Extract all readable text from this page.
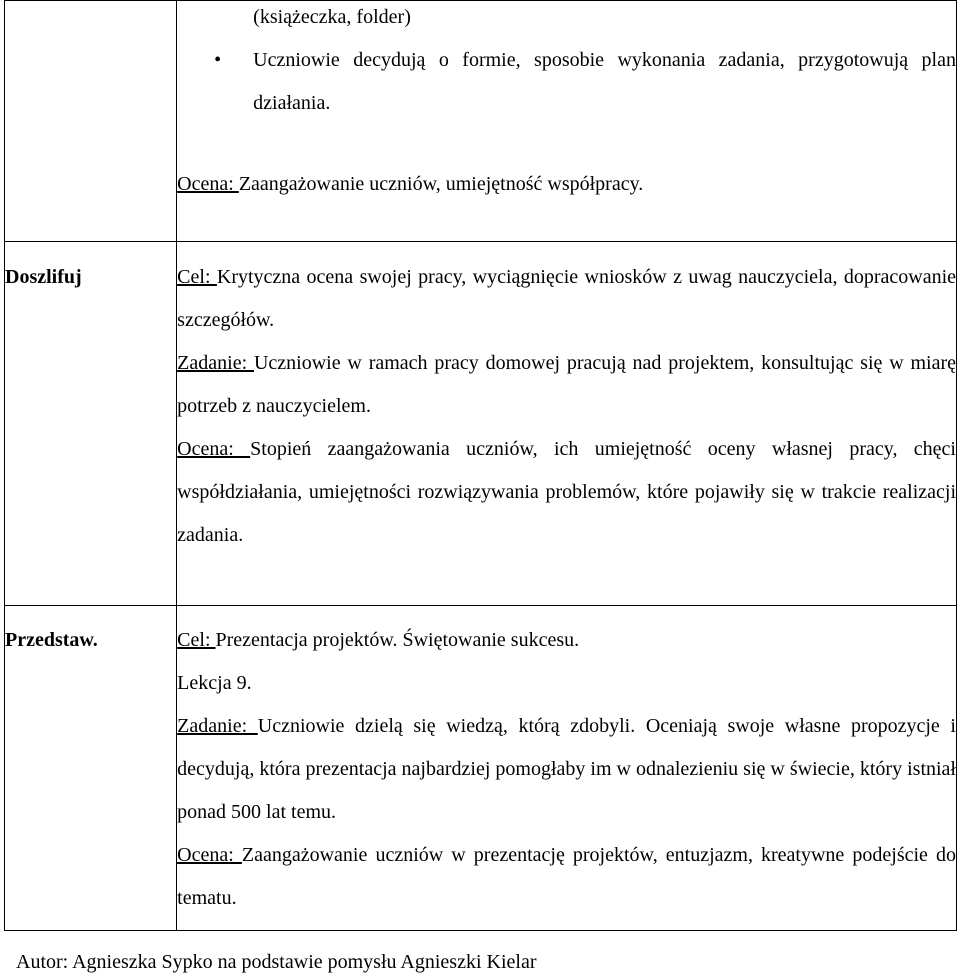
	(książeczka, folder)

• Uczniowie decydują o formie, sposobie wykonania zadania, przygotowują plan działania.

Ocena: Zaangażowanie uczniów, umiejętność współpracy.

Doszlifuj	Cel: Krytyczna ocena swojej pracy, wyciągnięcie wniosków z uwag nauczyciela, dopracowanie szczegółów.

Zadanie: Uczniowie w ramach pracy domowej pracują nad projektem, konsultując się w miarę potrzeb z nauczycielem.

Ocena: Stopień zaangażowania uczniów, ich umiejętność oceny własnej pracy, chęci współdziałania, umiejętności rozwiązywania problemów, które pojawiły się w trakcie realizacji zadania.

Przedstaw.	Cel: Prezentacja projektów. Świętowanie sukcesu.

Lekcja 9.

Zadanie: Uczniowie dzielą się wiedzą, którą zdobyli. Oceniają swoje własne propozycje i decydują, która prezentacja najbardziej pomogłaby im w odnalezieniu się w świecie, który istniał ponad 500 lat temu.

Ocena: Zaangażowanie uczniów w prezentację projektów, entuzjazm, kreatywne podejście do tematu.

Autor: Agnieszka Sypko na podstawie pomysłu Agnieszki Kielar
